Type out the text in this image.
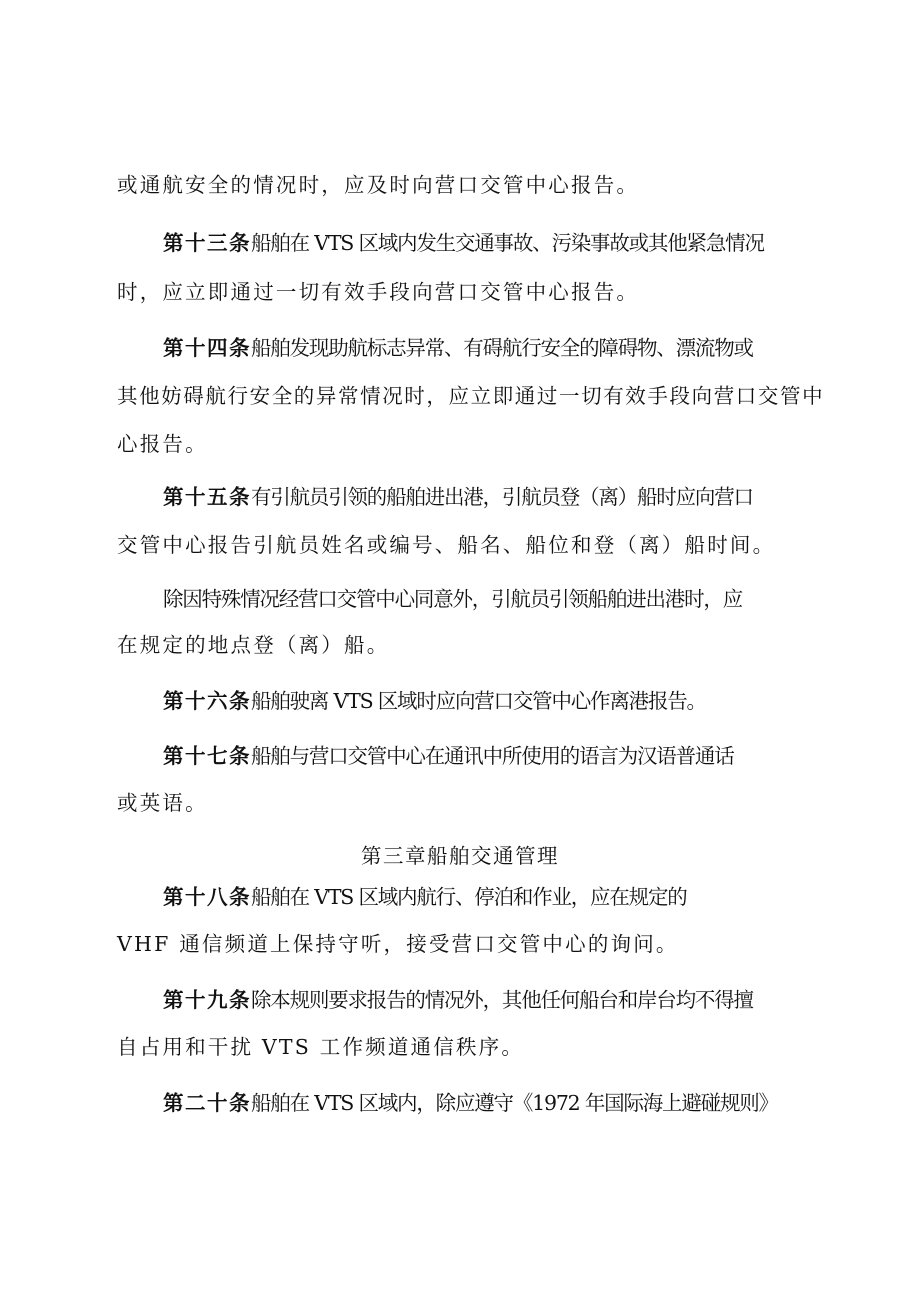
或通航安全的情况时，应及时向营口交管中心报告。
第十三条船舶在 VTS 区域内发生交通事故、污染事故或其他紧急情况
时，应立即通过一切有效手段向营口交管中心报告。
第十四条船舶发现助航标志异常、有碍航行安全的障碍物、漂流物或
其他妨碍航行安全的异常情况时，应立即通过一切有效手段向营口交管中
心报告。
第十五条有引航员引领的船舶进出港，引航员登（离）船时应向营口
交管中心报告引航员姓名或编号、船名、船位和登（离）船时间。
除因特殊情况经营口交管中心同意外，引航员引领船舶进出港时，应
在规定的地点登（离）船。
第十六条船舶驶离 VTS 区域时应向营口交管中心作离港报告。
第十七条船舶与营口交管中心在通讯中所使用的语言为汉语普通话
或英语。
第三章船舶交通管理
第十八条船舶在 VTS 区域内航行、停泊和作业，应在规定的
VHF 通信频道上保持守听，接受营口交管中心的询问。
第十九条除本规则要求报告的情况外，其他任何船台和岸台均不得擅
自占用和干扰 VTS 工作频道通信秩序。
第二十条船舶在 VTS 区域内，除应遵守《1972 年国际海上避碰规则》
